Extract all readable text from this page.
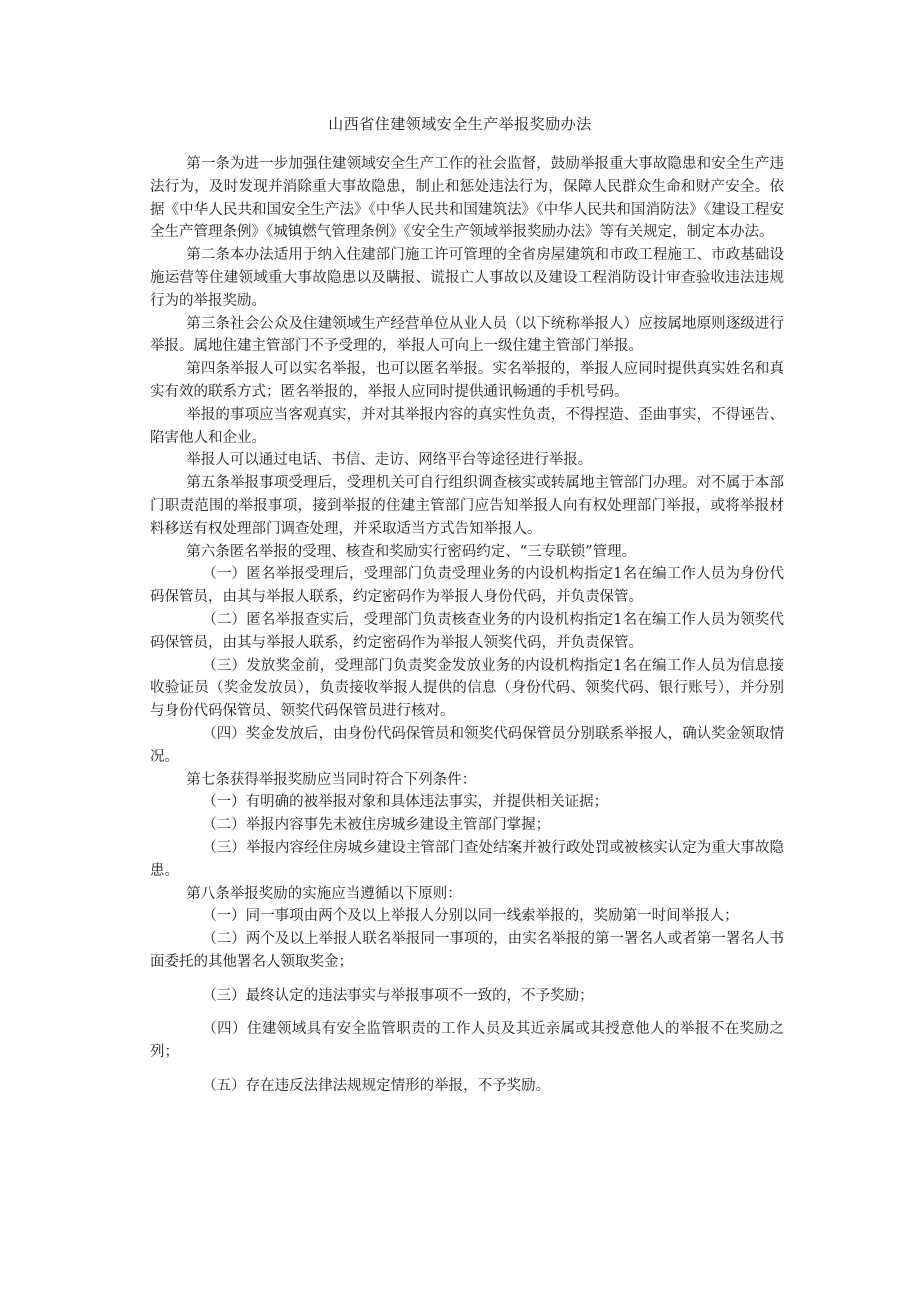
山西省住建领域安全生产举报奖励办法

第一条为进一步加强住建领域安全生产工作的社会监督，鼓励举报重大事故隐患和安全生产违法行为，及时发现并消除重大事故隐患，制止和惩处违法行为，保障人民群众生命和财产安全。依据《中华人民共和国安全生产法》《中华人民共和国建筑法》《中华人民共和国消防法》《建设工程安全生产管理条例》《城镇燃气管理条例》《安全生产领域举报奖励办法》等有关规定，制定本办法。

第二条本办法适用于纳入住建部门施工许可管理的全省房屋建筑和市政工程施工、市政基础设施运营等住建领域重大事故隐患以及瞒报、谎报亡人事故以及建设工程消防设计审查验收违法违规行为的举报奖励。

第三条社会公众及住建领域生产经营单位从业人员（以下统称举报人）应按属地原则逐级进行举报。属地住建主管部门不予受理的，举报人可向上一级住建主管部门举报。

第四条举报人可以实名举报，也可以匿名举报。实名举报的，举报人应同时提供真实姓名和真实有效的联系方式；匿名举报的，举报人应同时提供通讯畅通的手机号码。

举报的事项应当客观真实，并对其举报内容的真实性负责，不得捏造、歪曲事实，不得诬告、陷害他人和企业。

举报人可以通过电话、书信、走访、网络平台等途径进行举报。

第五条举报事项受理后，受理机关可自行组织调查核实或转属地主管部门办理。对不属于本部门职责范围的举报事项，接到举报的住建主管部门应告知举报人向有权处理部门举报，或将举报材料移送有权处理部门调查处理，并采取适当方式告知举报人。

第六条匿名举报的受理、核查和奖励实行密码约定、“三专联锁”管理。

（一）匿名举报受理后，受理部门负责受理业务的内设机构指定1名在编工作人员为身份代码保管员，由其与举报人联系，约定密码作为举报人身份代码，并负责保管。

（二）匿名举报查实后，受理部门负责核查业务的内设机构指定1名在编工作人员为领奖代码保管员，由其与举报人联系，约定密码作为举报人领奖代码，并负责保管。

（三）发放奖金前，受理部门负责奖金发放业务的内设机构指定1名在编工作人员为信息接收验证员（奖金发放员），负责接收举报人提供的信息（身份代码、领奖代码、银行账号），并分别与身份代码保管员、领奖代码保管员进行核对。

（四）奖金发放后，由身份代码保管员和领奖代码保管员分别联系举报人，确认奖金领取情况。

第七条获得举报奖励应当同时符合下列条件：

（一）有明确的被举报对象和具体违法事实，并提供相关证据；

（二）举报内容事先未被住房城乡建设主管部门掌握；

（三）举报内容经住房城乡建设主管部门查处结案并被行政处罚或被核实认定为重大事故隐患。

第八条举报奖励的实施应当遵循以下原则：

（一）同一事项由两个及以上举报人分别以同一线索举报的，奖励第一时间举报人；

（二）两个及以上举报人联名举报同一事项的，由实名举报的第一署名人或者第一署名人书面委托的其他署名人领取奖金；

（三）最终认定的违法事实与举报事项不一致的，不予奖励；

（四）住建领域具有安全监管职责的工作人员及其近亲属或其授意他人的举报不在奖励之列；

（五）存在违反法律法规规定情形的举报，不予奖励。
